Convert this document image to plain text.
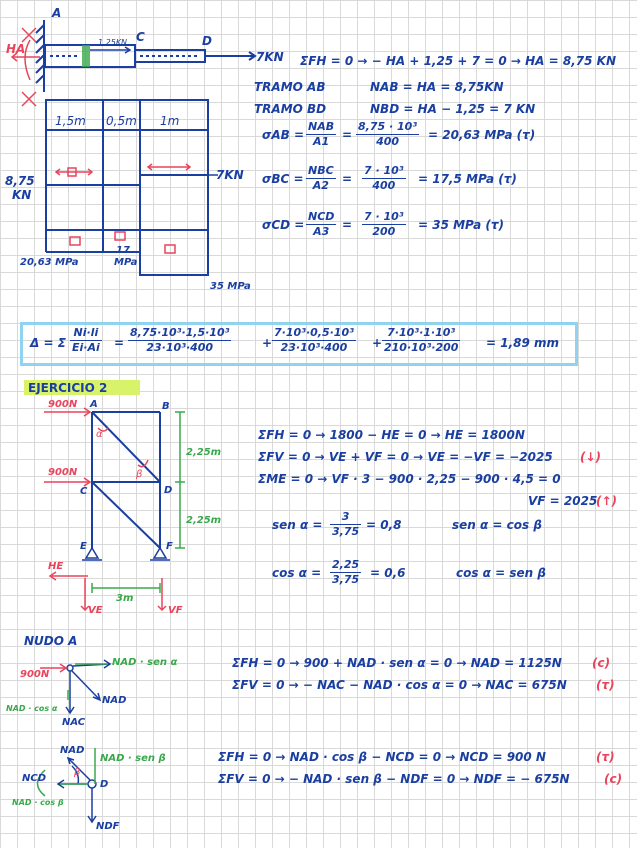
A
C	D
HA	1,25KN
7KN ΣFH = 0 → − HA + 1,25 + 7 = 0 → HA = 8,75 KN
TRAMO AB	NAB = HA = 8,75KN
TRAMO BD	NBD = HA − 1,25 = 7 KN
1,5m 0,5m 1m
8,75
KN
7KN
20,63 MPa
17
MPa
35 MPa
σAB =
NAB
A1	= $\frac{\text{8,75 · 10³}}{400} = 20,63$ MPa (τ)
σBC =
NBC
A2	= $\frac{\text{7 · 10³}}{400} = 17,5$ MPa (τ)
σCD =
NCD
A3	= $\frac{\text{7 · 10³}}{200} = 35$ MPa (τ)
Δ = Σ $\frac{Ni\cdot li}{Ei\cdot Ai} = \frac{\text{8,75·10³·1,5·10³}}{\text{23·10³·400}}$	+ $\frac{\text{7·10³·0,5·10³}}{\text{23·10³·400}} + \frac{\text{7·10³·1·10³}}{\text{210·10³·200}} = 1,89$ mm
EJERCICIO 2
900N
900N
A	B
C	D
E	F
α
β
2,25m
2,25m
3m
HE
VE	VF
ΣFH = 0 → 1800 − HE = 0 → HE = 1800N
ΣFV = 0 → VE + VF = 0 → VE = −VF = −2025 (↓)
ΣME = 0 → VF · 3 − 900 · 2,25 − 900 · 4,5 = 0
VF = 2025
(↑)
sen $\alpha = \frac{3}{3,75} = 0,8$	sen α = cos β
$\cos \alpha = \frac{2,25}{3,75} = 0,6$	cos α = sen β
NUDO A
900N
NAD · sen α
NAD
NAD · cos α
NAC
ΣFH = 0 → 900 + NAD · sen α = 0 → NAD = 1125N	(c)
ΣFV = 0 → − NAC − NAD · cos α = 0 → NAC = 675N (τ)
NAD
NAD · sen β
NCD
NAD · cos β
NDF
D
β
ΣFH = 0 → NAD · cos β − NCD = 0 → NCD = 900 N	(τ)
ΣFV = 0 → − NAD · sen β − NDF = 0 → NDF = − 675N	(c)
